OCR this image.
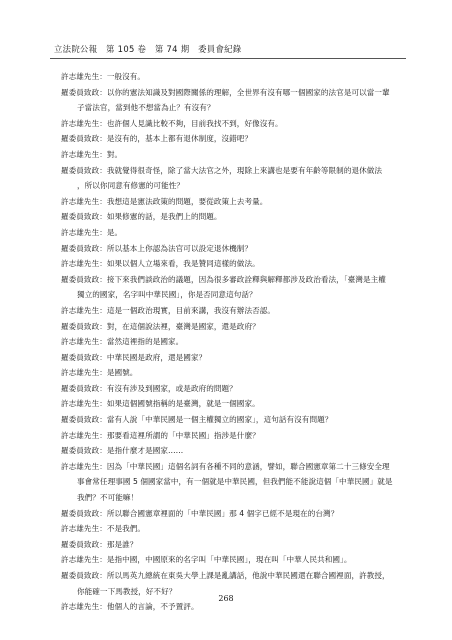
立法院公報　第 105 卷　第 74 期　委員會紀錄
許志雄先生：一般沒有。
羅委員致政：以你的憲法知識及對國際關係的理解，全世界有沒有哪一個國家的法官是可以當一輩
子當法官，當到他不想當為止？有沒有？
許志雄先生：也許個人見識比較不夠，目前我找不到，好像沒有。
羅委員致政：是沒有的，基本上都有退休制度，沒錯吧？
許志雄先生：對。
羅委員致政：我就覺得很奇怪，除了當大法官之外，現除上來講也是要有年齡等限制的退休做法
，所以你同意有修憲的可能性？
許志雄先生：我想這是憲法政策的問題，要從政策上去考量。
羅委員致政：如果修憲的話，是我們上的問題。
許志雄先生：是。
羅委員致政：所以基本上你認為法官可以設定退休機制？
許志雄先生：如果以個人立場來看，我是贊同這樣的做法。
羅委員致政：接下來我們談政治的議題，因為很多審政詮釋與解釋都涉及政治看法，「臺灣是主權
獨立的國家，名字叫中華民國」，你是否同意這句話？
許志雄先生：這是一個政治現實，目前來講，我沒有辦法否認。
羅委員致政：對，在這個說法裡，臺灣是國家，還是政府？
許志雄先生：當然這裡指的是國家。
羅委員致政：中華民國是政府，還是國家？
許志雄先生：是國號。
羅委員致政：有沒有涉及到國家，或是政府的問題？
許志雄先生：如果這個國號指稱的是臺灣，就是一個國家。
羅委員致政：當有人說「中華民國是一個主權獨立的國家」，這句話有沒有問題？
許志雄先生：那要看這裡所謂的「中華民國」指涉是什麼？
羅委員致政：是指什麼才是國家……
許志雄先生：因為「中華民國」這個名詞有各種不同的意涵，譬如，聯合國憲章第二十三條安全理
事會常任理事國 5 個國家當中，有一個就是中華民國，但我們能不能說這個「中華民國」就是
我們？不可能嘛！
羅委員致政：所以聯合國憲章裡面的「中華民國」那 4 個字已經不是現在的台灣？
許志雄先生：不是我們。
羅委員致政：那是誰？
許志雄先生：是指中國，中國原來的名字叫「中華民國」，現在叫「中華人民共和國」。
羅委員致政：所以馬英九總統在東吳大學上課是亂講話，他說中華民國還在聯合國裡面，許教授，
你能確一下馬教授，好不好？
許志雄先生：他個人的言論，不予置評。
268
